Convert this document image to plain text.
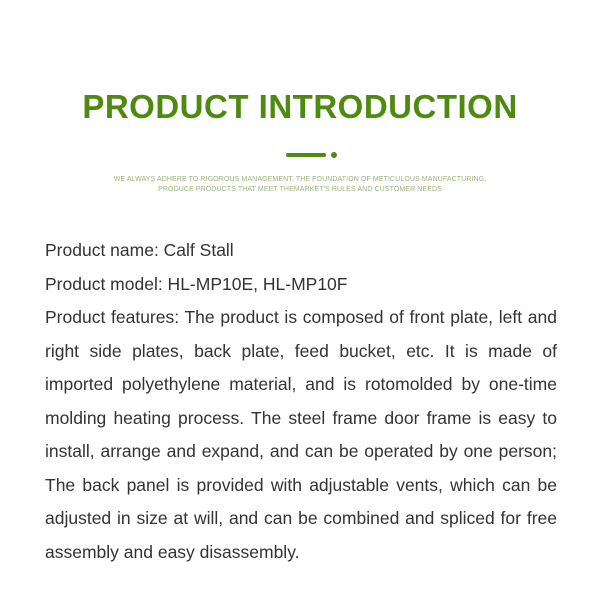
PRODUCT INTRODUCTION
WE ALWAYS ADHERE TO RIGOROUS MANAGEMENT, THE FOUNDATION OF METICULOUS MANUFACTURING,
PRODUCE PRODUCTS THAT MEET THEMARKET'S RULES AND CUSTOMER NEEDS

Product name: Calf Stall

Product model: HL-MP10E, HL-MP10F

Product features: The product is composed of front plate, left and right side plates, back plate, feed bucket, etc. It is made of imported polyethylene material, and is rotomolded by one-time molding heating process. The steel frame door frame is easy to install, arrange and expand, and can be operated by one person; The back panel is provided with adjustable vents, which can be adjusted in size at will, and can be combined and spliced for free assembly and easy disassembly.
